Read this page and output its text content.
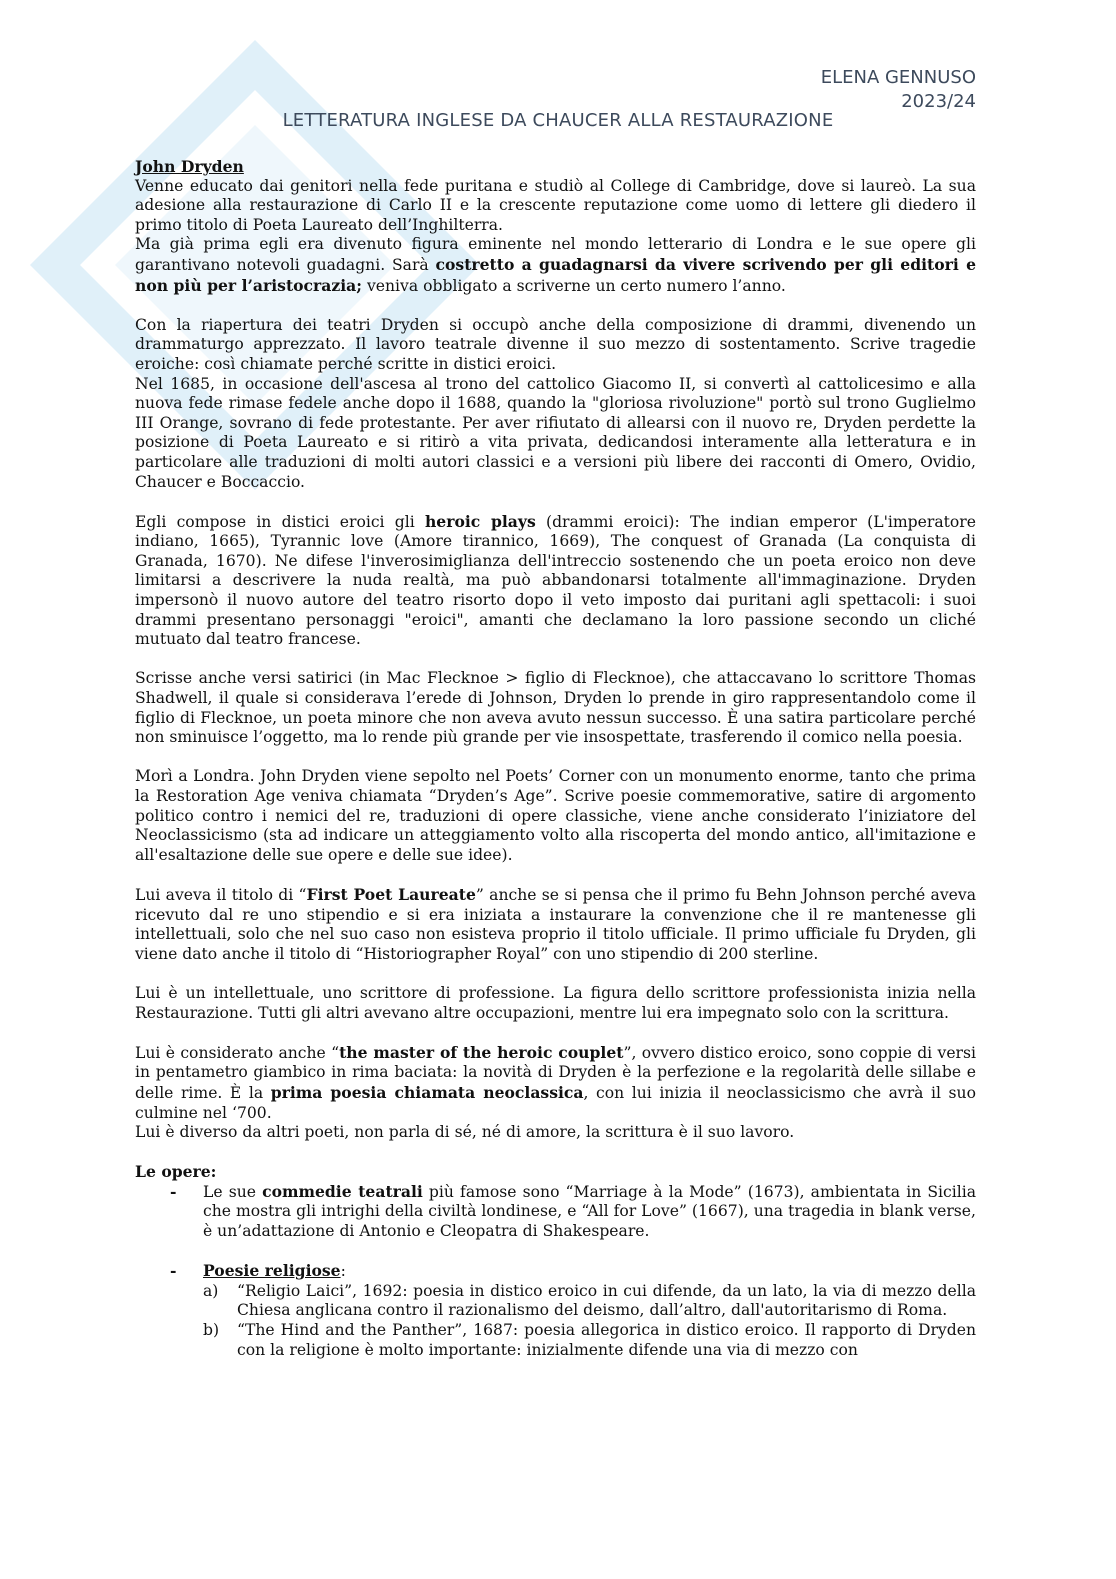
ELENA GENNUSO
2023/24
LETTERATURA INGLESE DA CHAUCER ALLA RESTAURAZIONE
John Dryden

Venne educato dai genitori nella fede puritana e studiò al College di Cambridge, dove si laureò. La sua adesione alla restaurazione di Carlo II e la crescente reputazione come uomo di lettere gli diedero il primo titolo di Poeta Laureato dell’Inghilterra.

Ma già prima egli era divenuto figura eminente nel mondo letterario di Londra e le sue opere gli garantivano notevoli guadagni. Sarà costretto a guadagnarsi da vivere scrivendo per gli editori e non più per l’aristocrazia; veniva obbligato a scriverne un certo numero l’anno.

Con la riapertura dei teatri Dryden si occupò anche della composizione di drammi, divenendo un drammaturgo apprezzato. Il lavoro teatrale divenne il suo mezzo di sostentamento. Scrive tragedie eroiche: così chiamate perché scritte in distici eroici.

Nel 1685, in occasione dell'ascesa al trono del cattolico Giacomo II, si convertì al cattolicesimo e alla nuova fede rimase fedele anche dopo il 1688, quando la "gloriosa rivoluzione" portò sul trono Guglielmo III Orange, sovrano di fede protestante. Per aver rifiutato di allearsi con il nuovo re, Dryden perdette la posizione di Poeta Laureato e si ritirò a vita privata, dedicandosi interamente alla letteratura e in particolare alle traduzioni di molti autori classici e a versioni più libere dei racconti di Omero, Ovidio, Chaucer e Boccaccio.

Egli compose in distici eroici gli heroic plays (drammi eroici): The indian emperor (L'imperatore indiano, 1665), Tyrannic love (Amore tirannico, 1669), The conquest of Granada (La conquista di Granada, 1670). Ne difese l'inverosimiglianza dell'intreccio sostenendo che un poeta eroico non deve limitarsi a descrivere la nuda realtà, ma può abbandonarsi totalmente all'immaginazione. Dryden impersonò il nuovo autore del teatro risorto dopo il veto imposto dai puritani agli spettacoli: i suoi drammi presentano personaggi "eroici", amanti che declamano la loro passione secondo un cliché mutuato dal teatro francese.

Scrisse anche versi satirici (in Mac Flecknoe > figlio di Flecknoe), che attaccavano lo scrittore Thomas Shadwell, il quale si considerava l’erede di Johnson, Dryden lo prende in giro rappresentandolo come il figlio di Flecknoe, un poeta minore che non aveva avuto nessun successo. È una satira particolare perché non sminuisce l’oggetto, ma lo rende più grande per vie insospettate, trasferendo il comico nella poesia.

Morì a Londra. John Dryden viene sepolto nel Poets’ Corner con un monumento enorme, tanto che prima la Restoration Age veniva chiamata “Dryden’s Age”. Scrive poesie commemorative, satire di argomento politico contro i nemici del re, traduzioni di opere classiche, viene anche considerato l’iniziatore del Neoclassicismo (sta ad indicare un atteggiamento volto alla riscoperta del mondo antico, all'imitazione e all'esaltazione delle sue opere e delle sue idee).

Lui aveva il titolo di “First Poet Laureate” anche se si pensa che il primo fu Behn Johnson perché aveva ricevuto dal re uno stipendio e si era iniziata a instaurare la convenzione che il re mantenesse gli intellettuali, solo che nel suo caso non esisteva proprio il titolo ufficiale. Il primo ufficiale fu Dryden, gli viene dato anche il titolo di “Historiographer Royal” con uno stipendio di 200 sterline.

Lui è un intellettuale, uno scrittore di professione. La figura dello scrittore professionista inizia nella Restaurazione. Tutti gli altri avevano altre occupazioni, mentre lui era impegnato solo con la scrittura.

Lui è considerato anche “the master of the heroic couplet”, ovvero distico eroico, sono coppie di versi in pentametro giambico in rima baciata: la novità di Dryden è la perfezione e la regolarità delle sillabe e delle rime. È la prima poesia chiamata neoclassica, con lui inizia il neoclassicismo che avrà il suo culmine nel ‘700.

Lui è diverso da altri poeti, non parla di sé, né di amore, la scrittura è il suo lavoro.

Le opere:
- Le sue commedie teatrali più famose sono “Marriage à la Mode” (1673), ambientata in Sicilia che mostra gli intrighi della civiltà londinese, e “All for Love” (1667), una tragedia in blank verse, è un’adattazione di Antonio e Cleopatra di Shakespeare.
- Poesie religiose:
a) “Religio Laici”, 1692: poesia in distico eroico in cui difende, da un lato, la via di mezzo della Chiesa anglicana contro il razionalismo del deismo, dall’altro, dall'autoritarismo di Roma.
b) “The Hind and the Panther”, 1687: poesia allegorica in distico eroico. Il rapporto di Dryden con la religione è molto importante: inizialmente difende una via di mezzo con
